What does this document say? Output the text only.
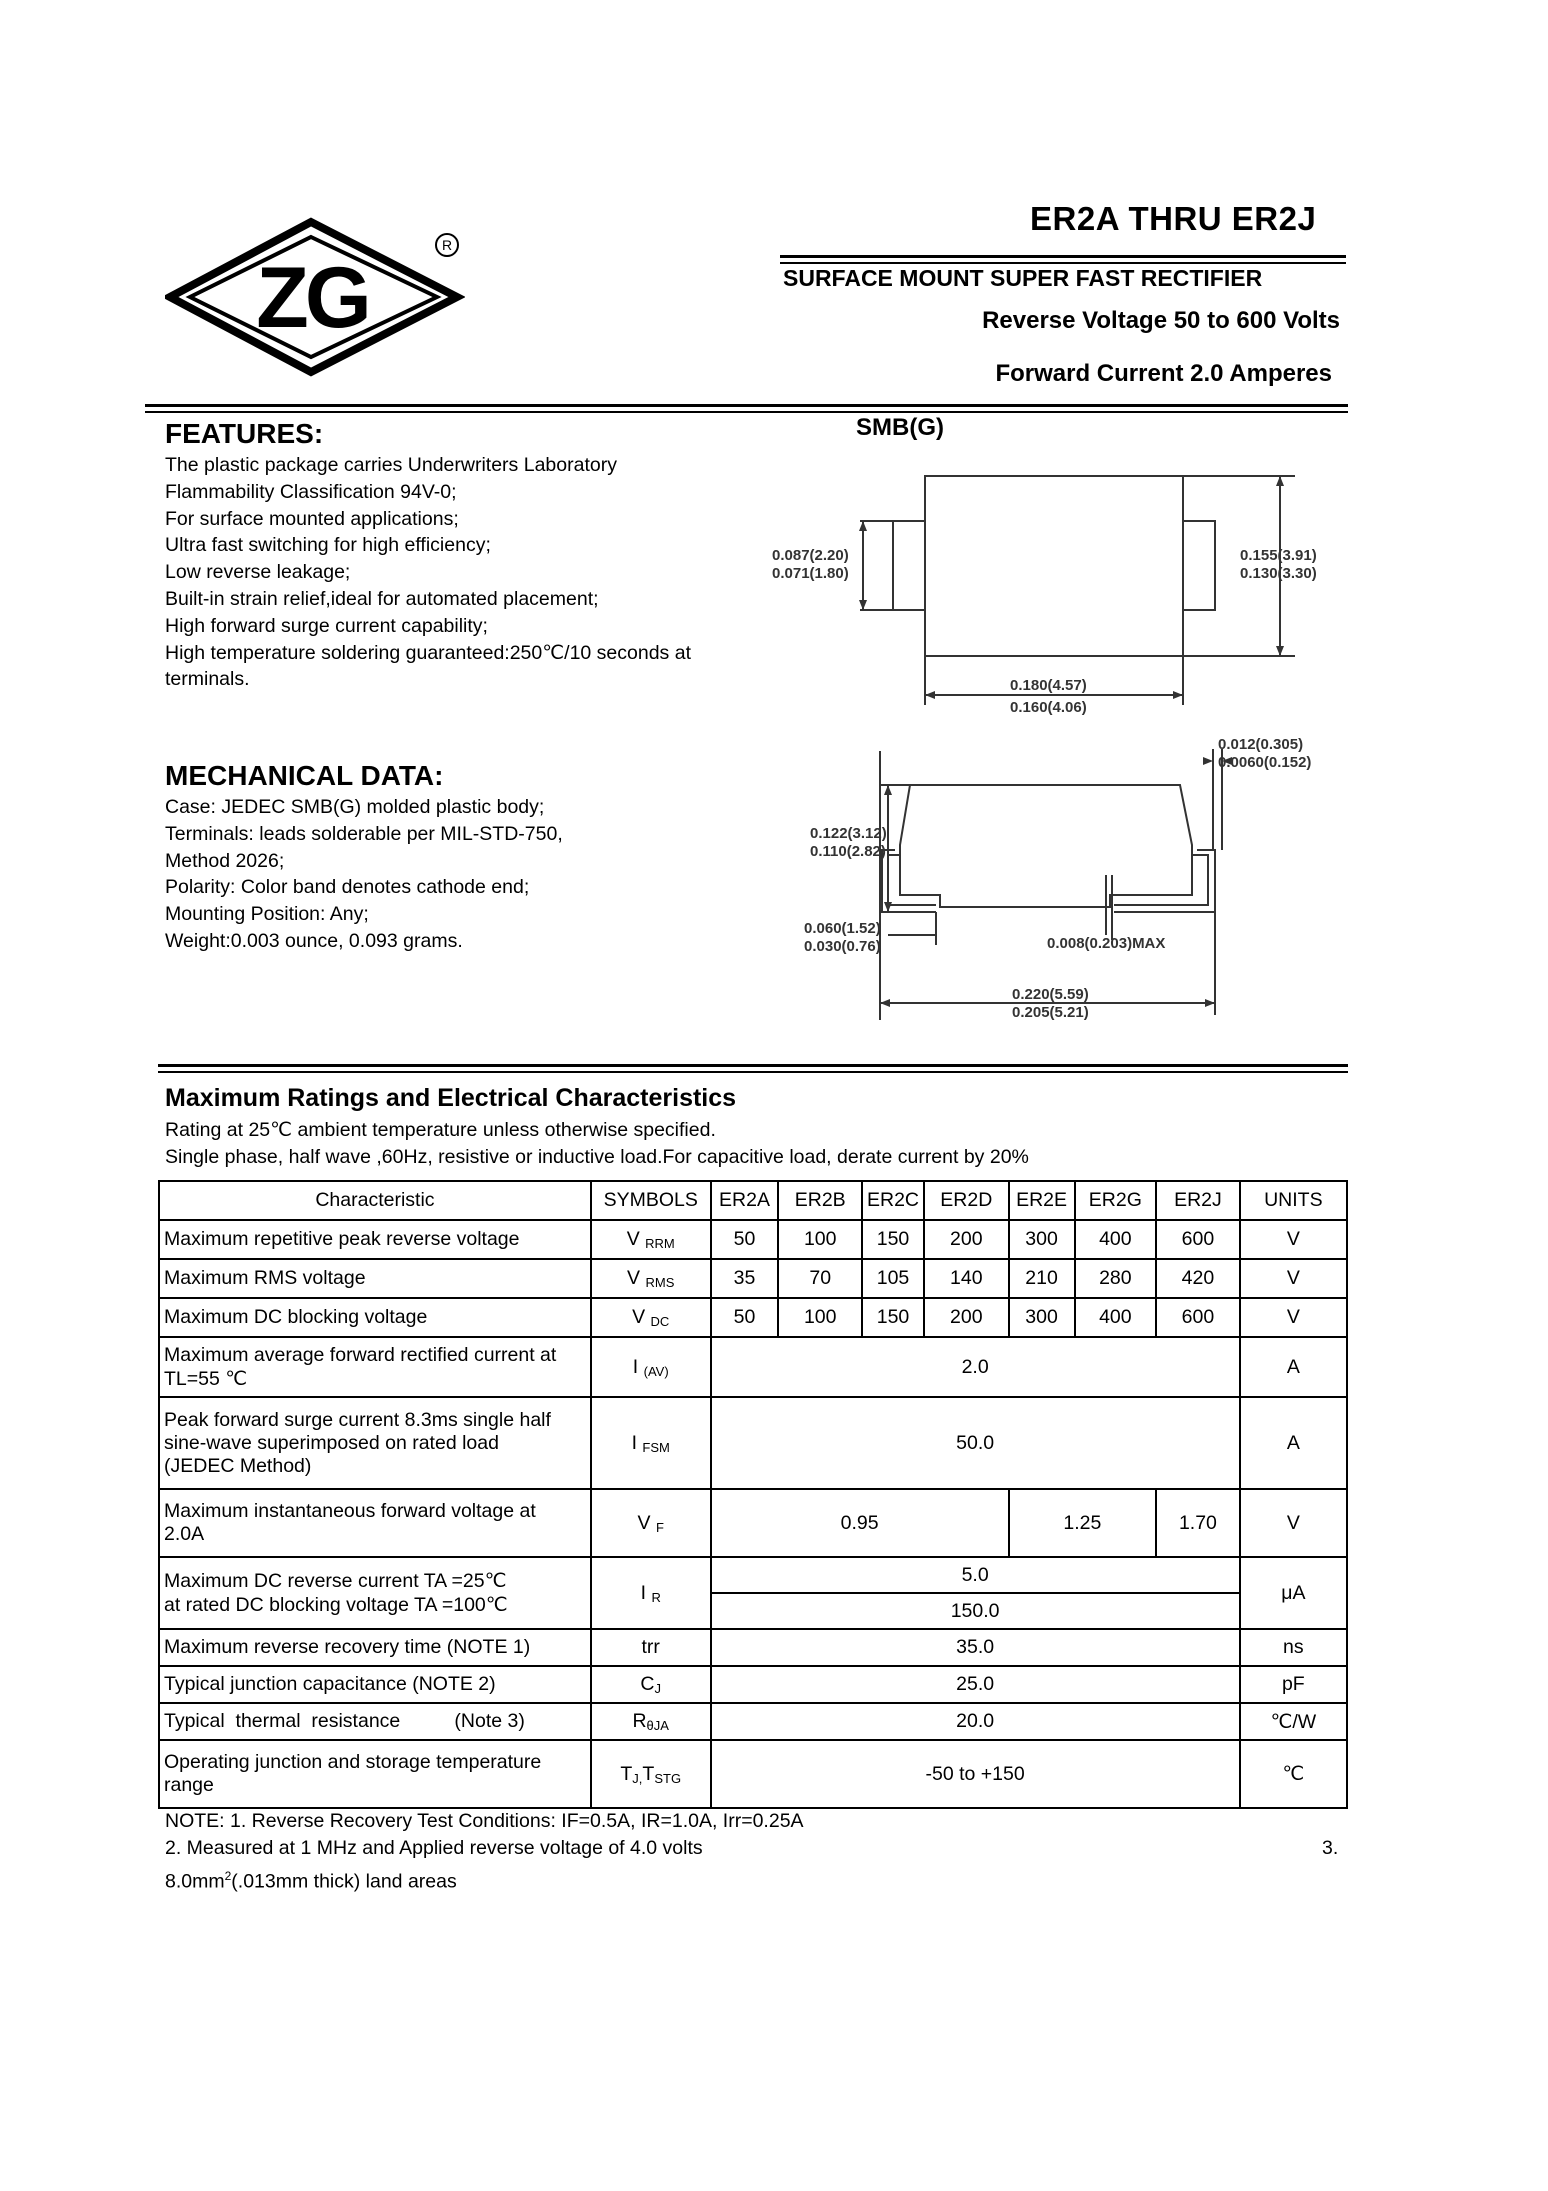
ZG
R
ER2A THRU ER2J
SURFACE MOUNT SUPER FAST RECTIFIER
Reverse Voltage 50 to 600 Volts
Forward Current 2.0 Amperes
FEATURES:
The plastic package carries Underwriters Laboratory
Flammability Classification 94V-0;
For surface mounted applications;
Ultra fast switching for high efficiency;
Low reverse leakage;
Built-in strain relief,ideal for automated placement;
High forward surge current capability;
High temperature soldering guaranteed:250℃/10 seconds at
terminals.
MECHANICAL DATA:
Case: JEDEC SMB(G) molded plastic body;
Terminals: leads solderable per MIL-STD-750,
Method 2026;
Polarity: Color band denotes cathode end;
Mounting Position: Any;
Weight:0.003 ounce, 0.093 grams.
SMB(G)
0.087(2.20)
0.071(1.80)
0.155(3.91)
0.130(3.30)
0.180(4.57)
0.160(4.06)
0.012(0.305)
0.0060(0.152)
0.122(3.12)
0.110(2.82)
0.060(1.52)
0.030(0.76)	0.008(0.203)MAX
0.220(5.59)
0.205(5.21)
Maximum Ratings and Electrical Characteristics
Rating at 25℃ ambient temperature unless otherwise specified.
Single phase, half wave ,60Hz, resistive or inductive load.For capacitive load, derate current by 20%
Characteristic	SYMBOLS	ER2A	ER2B	ER2C	ER2D	ER2E	ER2G	ER2J	UNITS
Maximum repetitive peak reverse voltage	V $_{RRM}$	50	100	150	200	300	400	600	V
Maximum RMS voltage	V $_{RMS}$	35	70	105	140	210	280	420	V
Maximum DC blocking voltage	V $_{DC}$	50	100	150	200	300	400	600	V

Maximum average forward rectified current at
TL=55 ℃	I $_{(AV)}$	2.0							A

Peak forward surge current 8.3ms single half
sine-wave superimposed on rated load
(JEDEC Method)	I $_{FSM}$	50.0							A

Maximum instantaneous forward voltage at
2.0A	V $_F$	0.95				1.25		1.70	V

Maximum DC reverse current TA =25℃
at rated DC blocking voltage TA =100℃	I $_R$	5.0							μA
		150.0							
Maximum reverse recovery time (NOTE 1)	trr	35.0							ns
Typical junction capacitance (NOTE 2)	$C_J$	25.0							pF
Typical  thermal  resistance          (Note 3)	$R_{\theta JA}$	20.0							℃/W

Operating junction and storage temperature
range	$T_{J,}T_{STG}$	-50 to +150							℃
NOTE: 1. Reverse Recovery Test Conditions: IF=0.5A, IR=1.0A, Irr=0.25A
2. Measured at 1 MHz and Applied reverse voltage of 4.0 volts	3.
$8.0mm^2(.013mm$ thick) land areas
